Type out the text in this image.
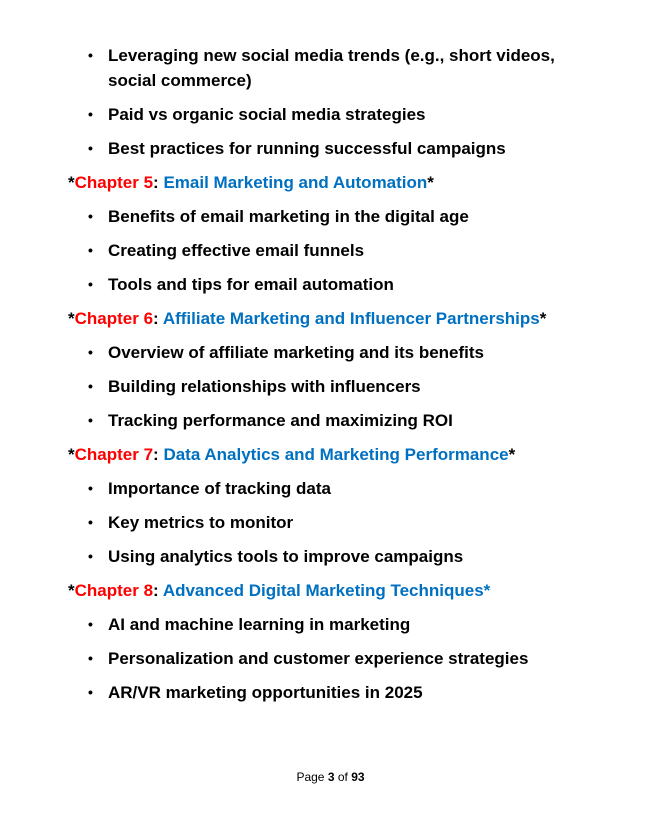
• Leveraging new social media trends (e.g., short videos, social commerce)
• Paid vs organic social media strategies
• Best practices for running successful campaigns
*Chapter 5: Email Marketing and Automation*
• Benefits of email marketing in the digital age
• Creating effective email funnels
• Tools and tips for email automation
*Chapter 6: Affiliate Marketing and Influencer Partnerships*
• Overview of affiliate marketing and its benefits
• Building relationships with influencers
• Tracking performance and maximizing ROI
*Chapter 7: Data Analytics and Marketing Performance*
• Importance of tracking data
• Key metrics to monitor
• Using analytics tools to improve campaigns
*Chapter 8: Advanced Digital Marketing Techniques*
• AI and machine learning in marketing
• Personalization and customer experience strategies
• AR/VR marketing opportunities in 2025
Page 3 of 93
